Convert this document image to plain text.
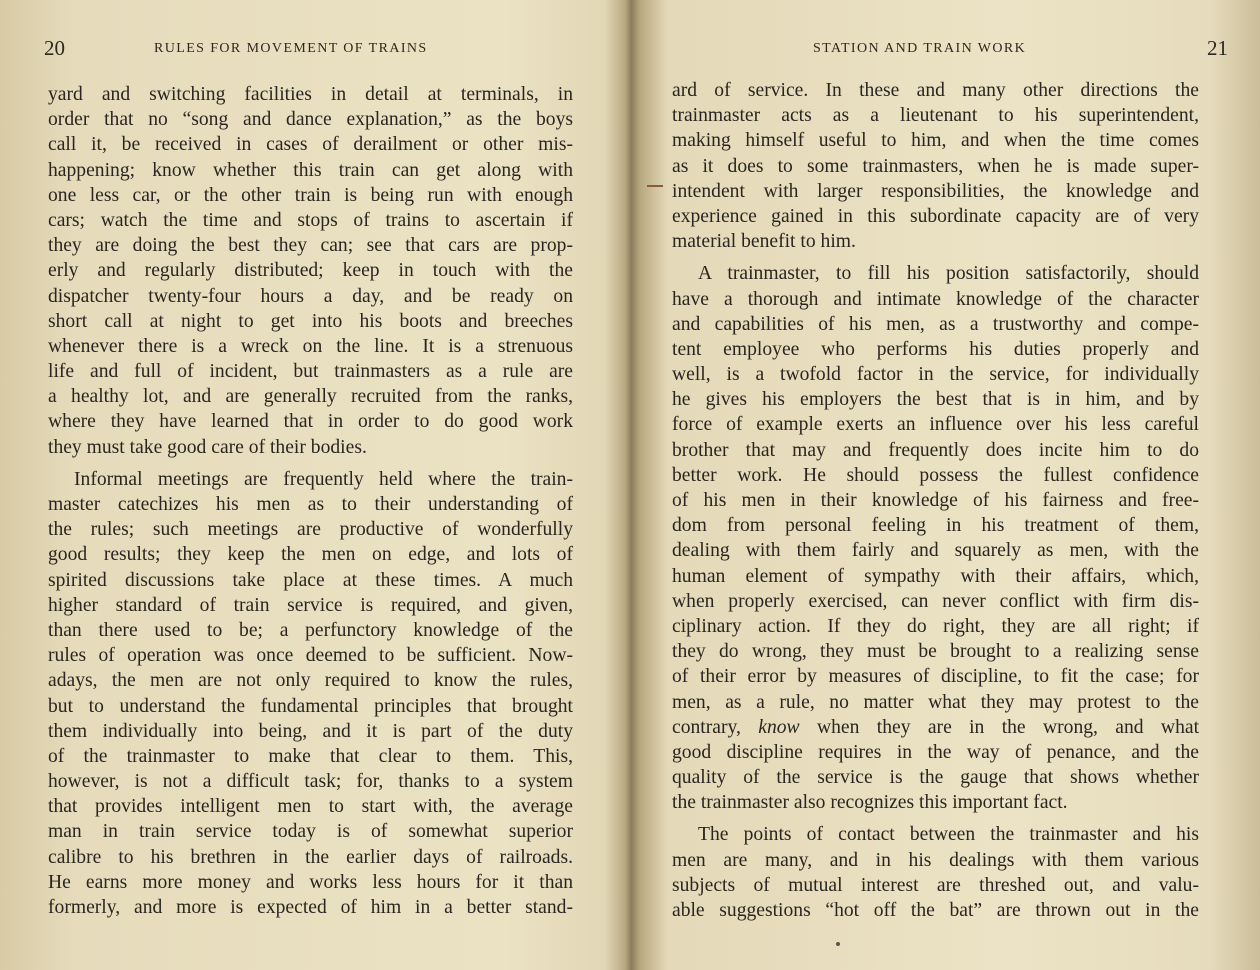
20	RULES FOR MOVEMENT OF TRAINS
yard and switching facilities in detail at terminals, in
order that no “song and dance explanation,” as the boys
call it, be received in cases of derailment or other mis-
happening; know whether this train can get along with
one less car, or the other train is being run with enough
cars; watch the time and stops of trains to ascertain if
they are doing the best they can; see that cars are prop-
erly and regularly distributed; keep in touch with the
dispatcher twenty-four hours a day, and be ready on
short call at night to get into his boots and breeches
whenever there is a wreck on the line. It is a strenuous
life and full of incident, but trainmasters as a rule are
a healthy lot, and are generally recruited from the ranks,
where they have learned that in order to do good work
they must take good care of their bodies.
Informal meetings are frequently held where the train-
master catechizes his men as to their understanding of
the rules; such meetings are productive of wonderfully
good results; they keep the men on edge, and lots of
spirited discussions take place at these times. A much
higher standard of train service is required, and given,
than there used to be; a perfunctory knowledge of the
rules of operation was once deemed to be sufficient. Now-
adays, the men are not only required to know the rules,
but to understand the fundamental principles that brought
them individually into being, and it is part of the duty
of the trainmaster to make that clear to them. This,
however, is not a difficult task; for, thanks to a system
that provides intelligent men to start with, the average
man in train service today is of somewhat superior
calibre to his brethren in the earlier days of railroads.
He earns more money and works less hours for it than
formerly, and more is expected of him in a better stand-
STATION AND TRAIN WORK	21
ard of service. In these and many other directions the
trainmaster acts as a lieutenant to his superintendent,
making himself useful to him, and when the time comes
as it does to some trainmasters, when he is made super-
intendent with larger responsibilities, the knowledge and
experience gained in this subordinate capacity are of very
material benefit to him.
A trainmaster, to fill his position satisfactorily, should
have a thorough and intimate knowledge of the character
and capabilities of his men, as a trustworthy and compe-
tent employee who performs his duties properly and
well, is a twofold factor in the service, for individually
he gives his employers the best that is in him, and by
force of example exerts an influence over his less careful
brother that may and frequently does incite him to do
better work. He should possess the fullest confidence
of his men in their knowledge of his fairness and free-
dom from personal feeling in his treatment of them,
dealing with them fairly and squarely as men, with the
human element of sympathy with their affairs, which,
when properly exercised, can never conflict with firm dis-
ciplinary action. If they do right, they are all right; if
they do wrong, they must be brought to a realizing sense
of their error by measures of discipline, to fit the case; for
men, as a rule, no matter what they may protest to the
contrary, know when they are in the wrong, and what
good discipline requires in the way of penance, and the
quality of the service is the gauge that shows whether
the trainmaster also recognizes this important fact.
The points of contact between the trainmaster and his
men are many, and in his dealings with them various
subjects of mutual interest are threshed out, and valu-
able suggestions “hot off the bat” are thrown out in the
